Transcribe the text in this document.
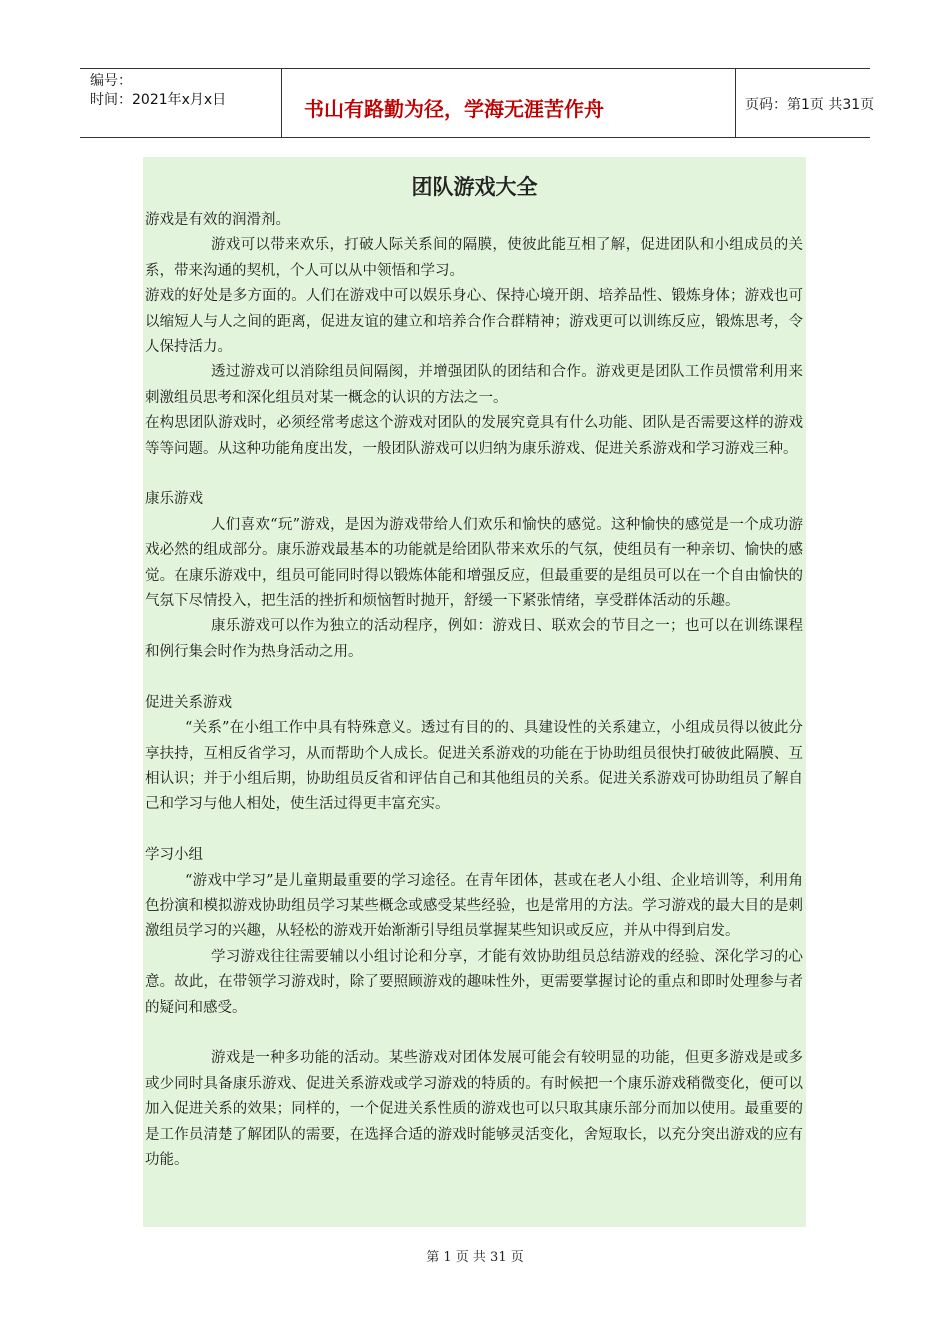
编号：
时间：2021年x月x日	书山有路勤为径，学海无涯苦作舟	页码：第1页 共31页
团队游戏大全

游戏是有效的润滑剂。

游戏可以带来欢乐，打破人际关系间的隔膜，使彼此能互相了解，促进团队和小组成员的关系，带来沟通的契机，个人可以从中领悟和学习。

游戏的好处是多方面的。人们在游戏中可以娱乐身心、保持心境开朗、培养品性、锻炼身体；游戏也可以缩短人与人之间的距离，促进友谊的建立和培养合作合群精神；游戏更可以训练反应，锻炼思考，令人保持活力。

透过游戏可以消除组员间隔阂，并增强团队的团结和合作。游戏更是团队工作员惯常利用来刺激组员思考和深化组员对某一概念的认识的方法之一。

在构思团队游戏时，必须经常考虑这个游戏对团队的发展究竟具有什么功能、团队是否需要这样的游戏等等问题。从这种功能角度出发，一般团队游戏可以归纳为康乐游戏、促进关系游戏和学习游戏三种。

康乐游戏

人们喜欢“玩”游戏，是因为游戏带给人们欢乐和愉快的感觉。这种愉快的感觉是一个成功游戏必然的组成部分。康乐游戏最基本的功能就是给团队带来欢乐的气氛，使组员有一种亲切、愉快的感觉。在康乐游戏中，组员可能同时得以锻炼体能和增强反应，但最重要的是组员可以在一个自由愉快的气氛下尽情投入，把生活的挫折和烦恼暂时抛开，舒缓一下紧张情绪，享受群体活动的乐趣。

康乐游戏可以作为独立的活动程序，例如：游戏日、联欢会的节目之一；也可以在训练课程和例行集会时作为热身活动之用。

促进关系游戏

“关系”在小组工作中具有特殊意义。透过有目的的、具建设性的关系建立，小组成员得以彼此分享扶持，互相反省学习，从而帮助个人成长。促进关系游戏的功能在于协助组员很快打破彼此隔膜、互相认识；并于小组后期，协助组员反省和评估自己和其他组员的关系。促进关系游戏可协助组员了解自己和学习与他人相处，使生活过得更丰富充实。

学习小组

“游戏中学习”是儿童期最重要的学习途径。在青年团体，甚或在老人小组、企业培训等，利用角色扮演和模拟游戏协助组员学习某些概念或感受某些经验，也是常用的方法。学习游戏的最大目的是刺激组员学习的兴趣，从轻松的游戏开始渐渐引导组员掌握某些知识或反应，并从中得到启发。

学习游戏往往需要辅以小组讨论和分享，才能有效协助组员总结游戏的经验、深化学习的心意。故此，在带领学习游戏时，除了要照顾游戏的趣味性外，更需要掌握讨论的重点和即时处理参与者的疑问和感受。

游戏是一种多功能的活动。某些游戏对团体发展可能会有较明显的功能，但更多游戏是或多或少同时具备康乐游戏、促进关系游戏或学习游戏的特质的。有时候把一个康乐游戏稍微变化，便可以加入促进关系的效果；同样的，一个促进关系性质的游戏也可以只取其康乐部分而加以使用。最重要的是工作员清楚了解团队的需要，在选择合适的游戏时能够灵活变化，舍短取长，以充分突出游戏的应有功能。

第 1 页 共 31 页
